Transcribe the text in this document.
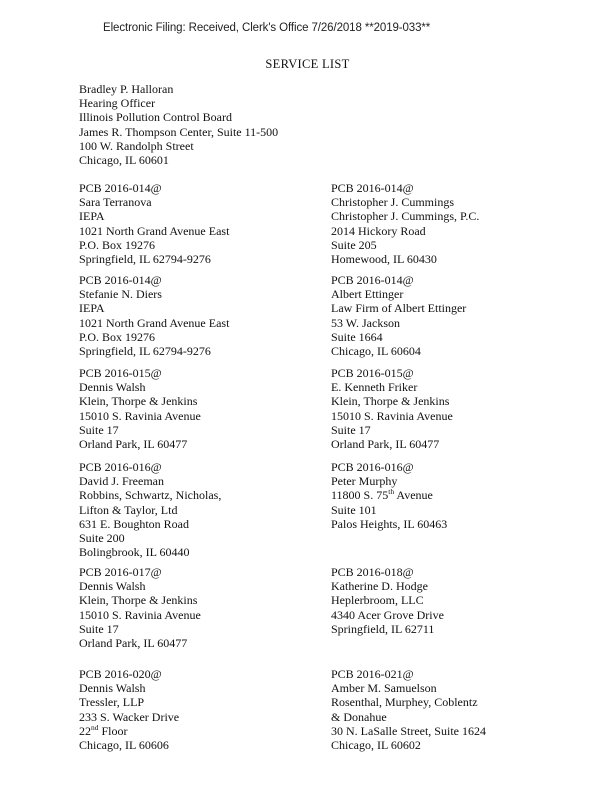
Electronic Filing: Received, Clerk's Office 7/26/2018 **2019-033**
SERVICE LIST
Bradley P. Halloran
Hearing Officer
Illinois Pollution Control Board
James R. Thompson Center, Suite 11-500
100 W. Randolph Street
Chicago, IL 60601
PCB 2016-014@
Sara Terranova
IEPA
1021 North Grand Avenue East
P.O. Box 19276
Springfield, IL 62794-9276
PCB 2016-014@
Christopher J. Cummings
Christopher J. Cummings, P.C.
2014 Hickory Road
Suite 205
Homewood, IL 60430
PCB 2016-014@
Stefanie N. Diers
IEPA
1021 North Grand Avenue East
P.O. Box 19276
Springfield, IL 62794-9276
PCB 2016-014@
Albert Ettinger
Law Firm of Albert Ettinger
53 W. Jackson
Suite 1664
Chicago, IL 60604
PCB 2016-015@
Dennis Walsh
Klein, Thorpe & Jenkins
15010 S. Ravinia Avenue
Suite 17
Orland Park, IL 60477
PCB 2016-015@
E. Kenneth Friker
Klein, Thorpe & Jenkins
15010 S. Ravinia Avenue
Suite 17
Orland Park, IL 60477
PCB 2016-016@
David J. Freeman
Robbins, Schwartz, Nicholas,
Lifton & Taylor, Ltd
631 E. Boughton Road
Suite 200
Bolingbrook, IL 60440
PCB 2016-016@
Peter Murphy
11800 S. 75th Avenue
Suite 101
Palos Heights, IL 60463
PCB 2016-017@
Dennis Walsh
Klein, Thorpe & Jenkins
15010 S. Ravinia Avenue
Suite 17
Orland Park, IL 60477
PCB 2016-018@
Katherine D. Hodge
Heplerbroom, LLC
4340 Acer Grove Drive
Springfield, IL 62711
PCB 2016-020@
Dennis Walsh
Tressler, LLP
233 S. Wacker Drive
22nd Floor
Chicago, IL 60606
PCB 2016-021@
Amber M. Samuelson
Rosenthal, Murphey, Coblentz
& Donahue
30 N. LaSalle Street, Suite 1624
Chicago, IL 60602
